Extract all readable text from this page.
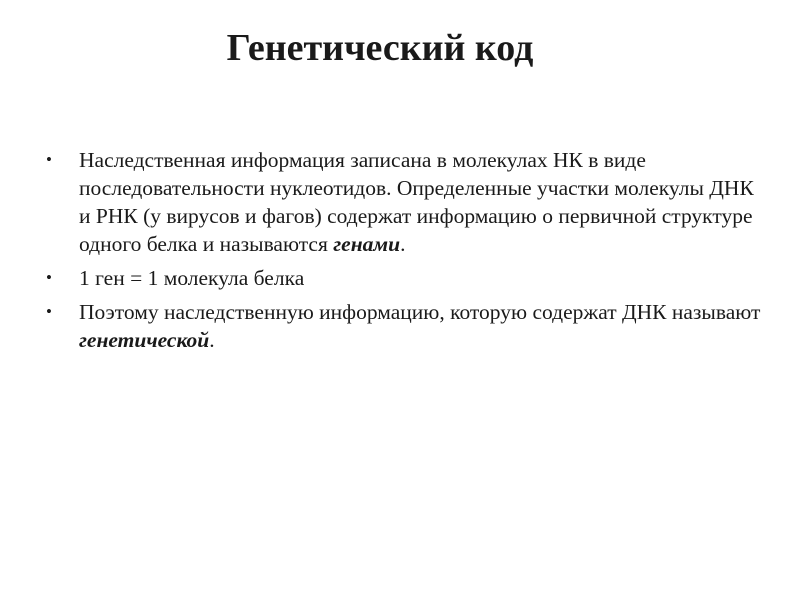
Генетический код
• Наследственная информация записана в молекулах НК в виде последовательности нуклеотидов. Определенные участки молекулы ДНК и РНК (у вирусов и фагов) содержат информацию о первичной структуре одного белка и называются генами.
• 1 ген = 1 молекула белка
• Поэтому наследственную информацию, которую содержат ДНК называют генетической.
